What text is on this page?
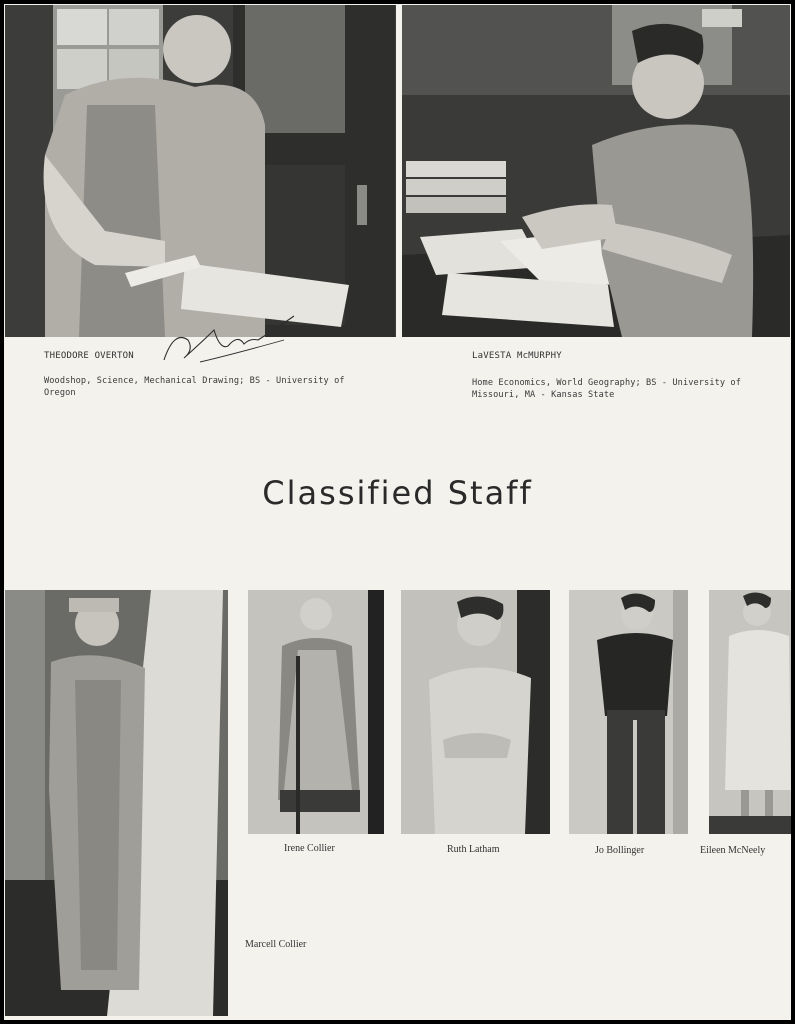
THEODORE OVERTON
Woodshop, Science, Mechanical Drawing; BS - University of Oregon
LaVESTA McMURPHY
Home Economics, World Geography; BS - University of Missouri, MA - Kansas State
Classified Staff
Irene Collier	Ruth Latham	Jo Bollinger	Eileen McNeely
Marcell Collier
